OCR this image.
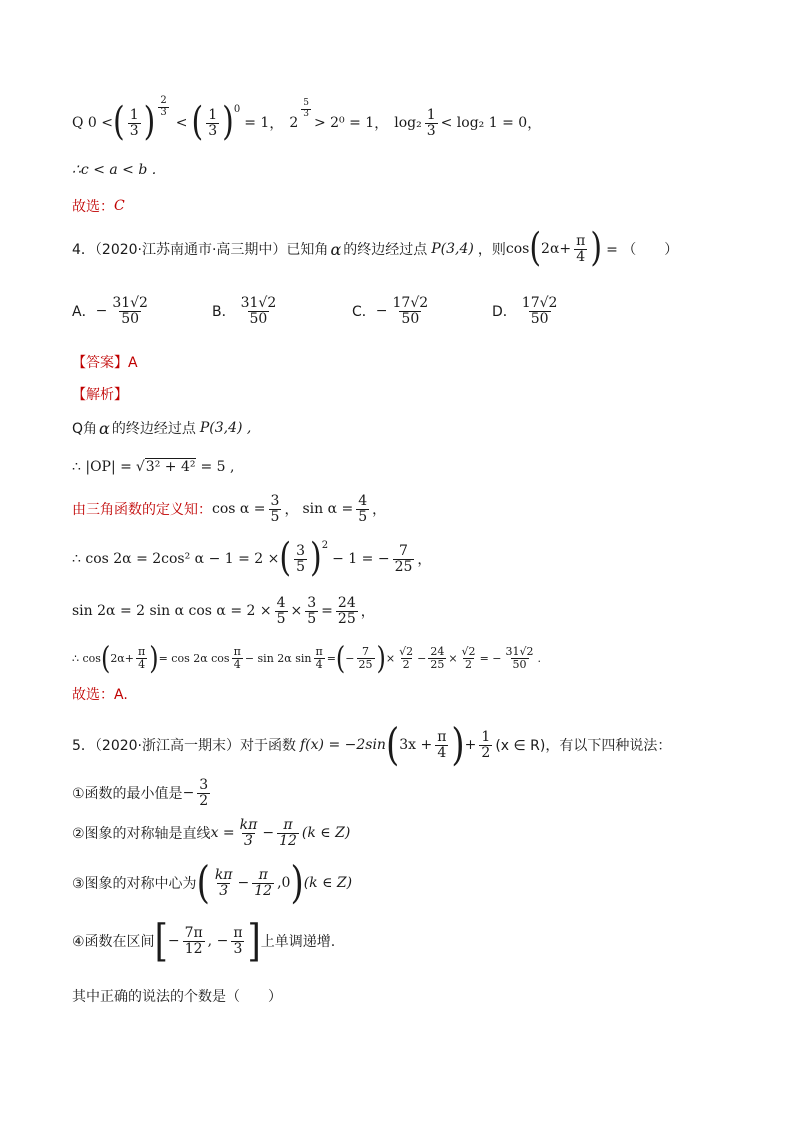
Q 0 < ( $\frac{1}{3}$ ) $\frac{2}{3}$
< ( $\frac{1}{3} )^0$
= 1 ， 2
$\frac{5}{3}$
> 2⁰ = 1 ， $\log_2 \frac{1}{3} < \log_2$ 1 = 0 ，
∴c < a < b .
故选： C
4．（2020·江苏南通市·高三期中）已知角 α 的终边经过点 P(3,4) ，则 cos ( $2\alpha+ \frac{\pi}{4}$ ) = （　　）
A． − $\frac{31√2}{50}$	B． $\frac{31√2}{50}$	C． − $\frac{17√2}{50}$	D． $\frac{17√2}{50}$
【答案】A
【解析】
Q角 α 的终边经过点 P(3,4) ,
∴ |OP| = √3² + 4² = 5 ,
由三角函数的定义知： $\cos \alpha = \frac{3}{5}$ ， $\sin \alpha = \frac{4}{5}$ ，
∴ cos 2α = 2cos² α − 1 = 2 × ( $\frac{3}{5} )^2$
− 1 = − $\frac{7}{25}$ ，
sin 2α = 2 sin α $\cos \alpha = 2 \times \frac{4}{5} \times \frac{3}{5} = \frac{24}{25}$ ，
∴ cos ( $2\alpha+ \frac{\pi}{4}$ ) = cos 2α $\cos \frac{\pi}{4} - \sin 2\alpha$ $\sin \frac{\pi}{4}$ = ( − $\frac{7}{25}$ ) × $\frac{√2}{2} - \frac{24}{25} \times \frac{√2}{2}$ = − $\frac{31√2}{50}$ .
故选：A.
5．（2020·浙江高一期末）对于函数 f(x) = −2sin ( $3x + \frac{\pi}{4}$ ) + $\frac{1}{2} (x$ ∈ R)，有以下四种说法：
①函数的最小值是 − $\frac{3}{2}$
②图象的对称轴是直线 $x = \frac{k\pi}{3} - \frac{\pi}{12} (k$ ∈ Z)
③图象的对称中心为 ( $\frac{k\pi}{3} - \frac{\pi}{12} ,0$ ) (k ∈ Z)
④函数在区间 [ − $\frac{7\pi}{12}$ , − $\frac{\pi}{3}$ ] 上单调递增.
其中正确的说法的个数是（　　）
